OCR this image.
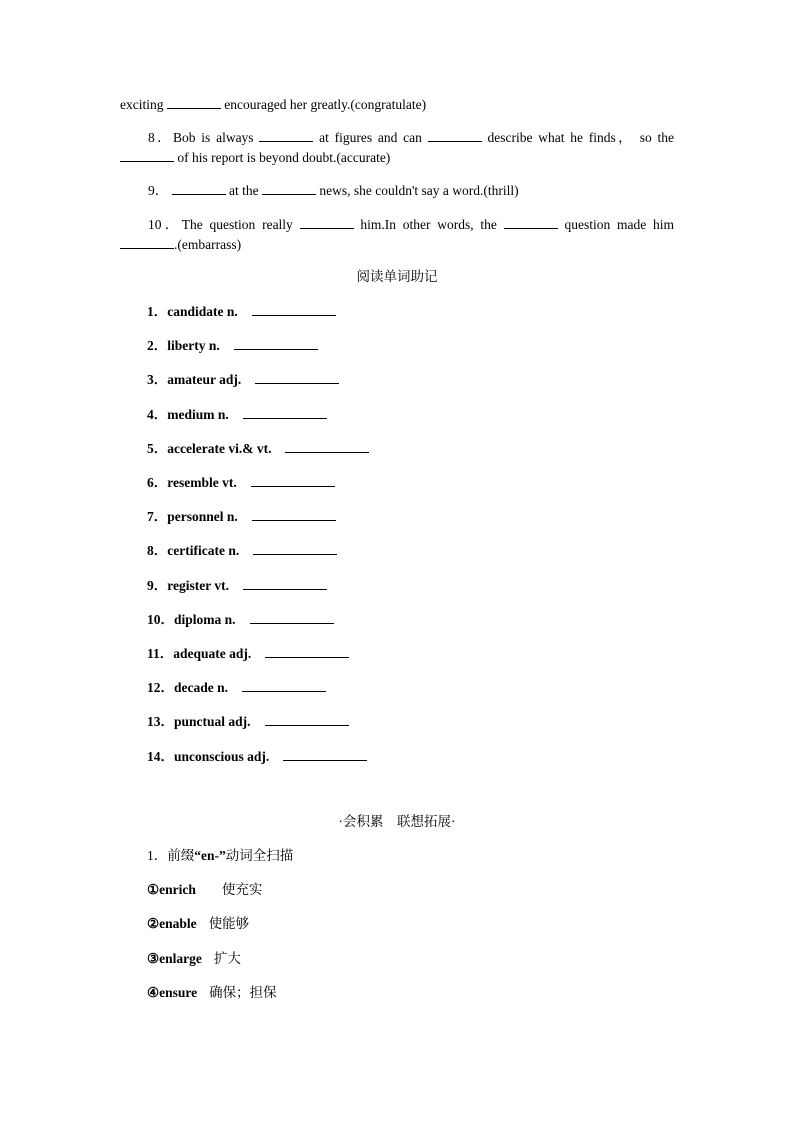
exciting	encouraged her greatly.(congratulate)
8．Bob is always	at figures and can	describe what he finds， so the
of his report is beyond doubt.(accurate)
9．	at the	news, she couldn't say a word.(thrill)
10．The question really	him.In other words, the	question made him
.(embarrass)
阅读单词助记
1．candidate n.
2．liberty n.
3．amateur adj.
4．medium n.
5．accelerate vi.& vt.
6．resemble vt.
7．personnel n.
8．certificate n.
9．register vt.
10．diploma n.
11．adequate adj.
12．decade n.
13．punctual adj.
14．unconscious adj.
·会积累　联想拓展·
1．前缀“en-”动词全扫描
①enrich 使充实
②enable 使能够
③enlarge 扩大
④ensure 确保；担保
